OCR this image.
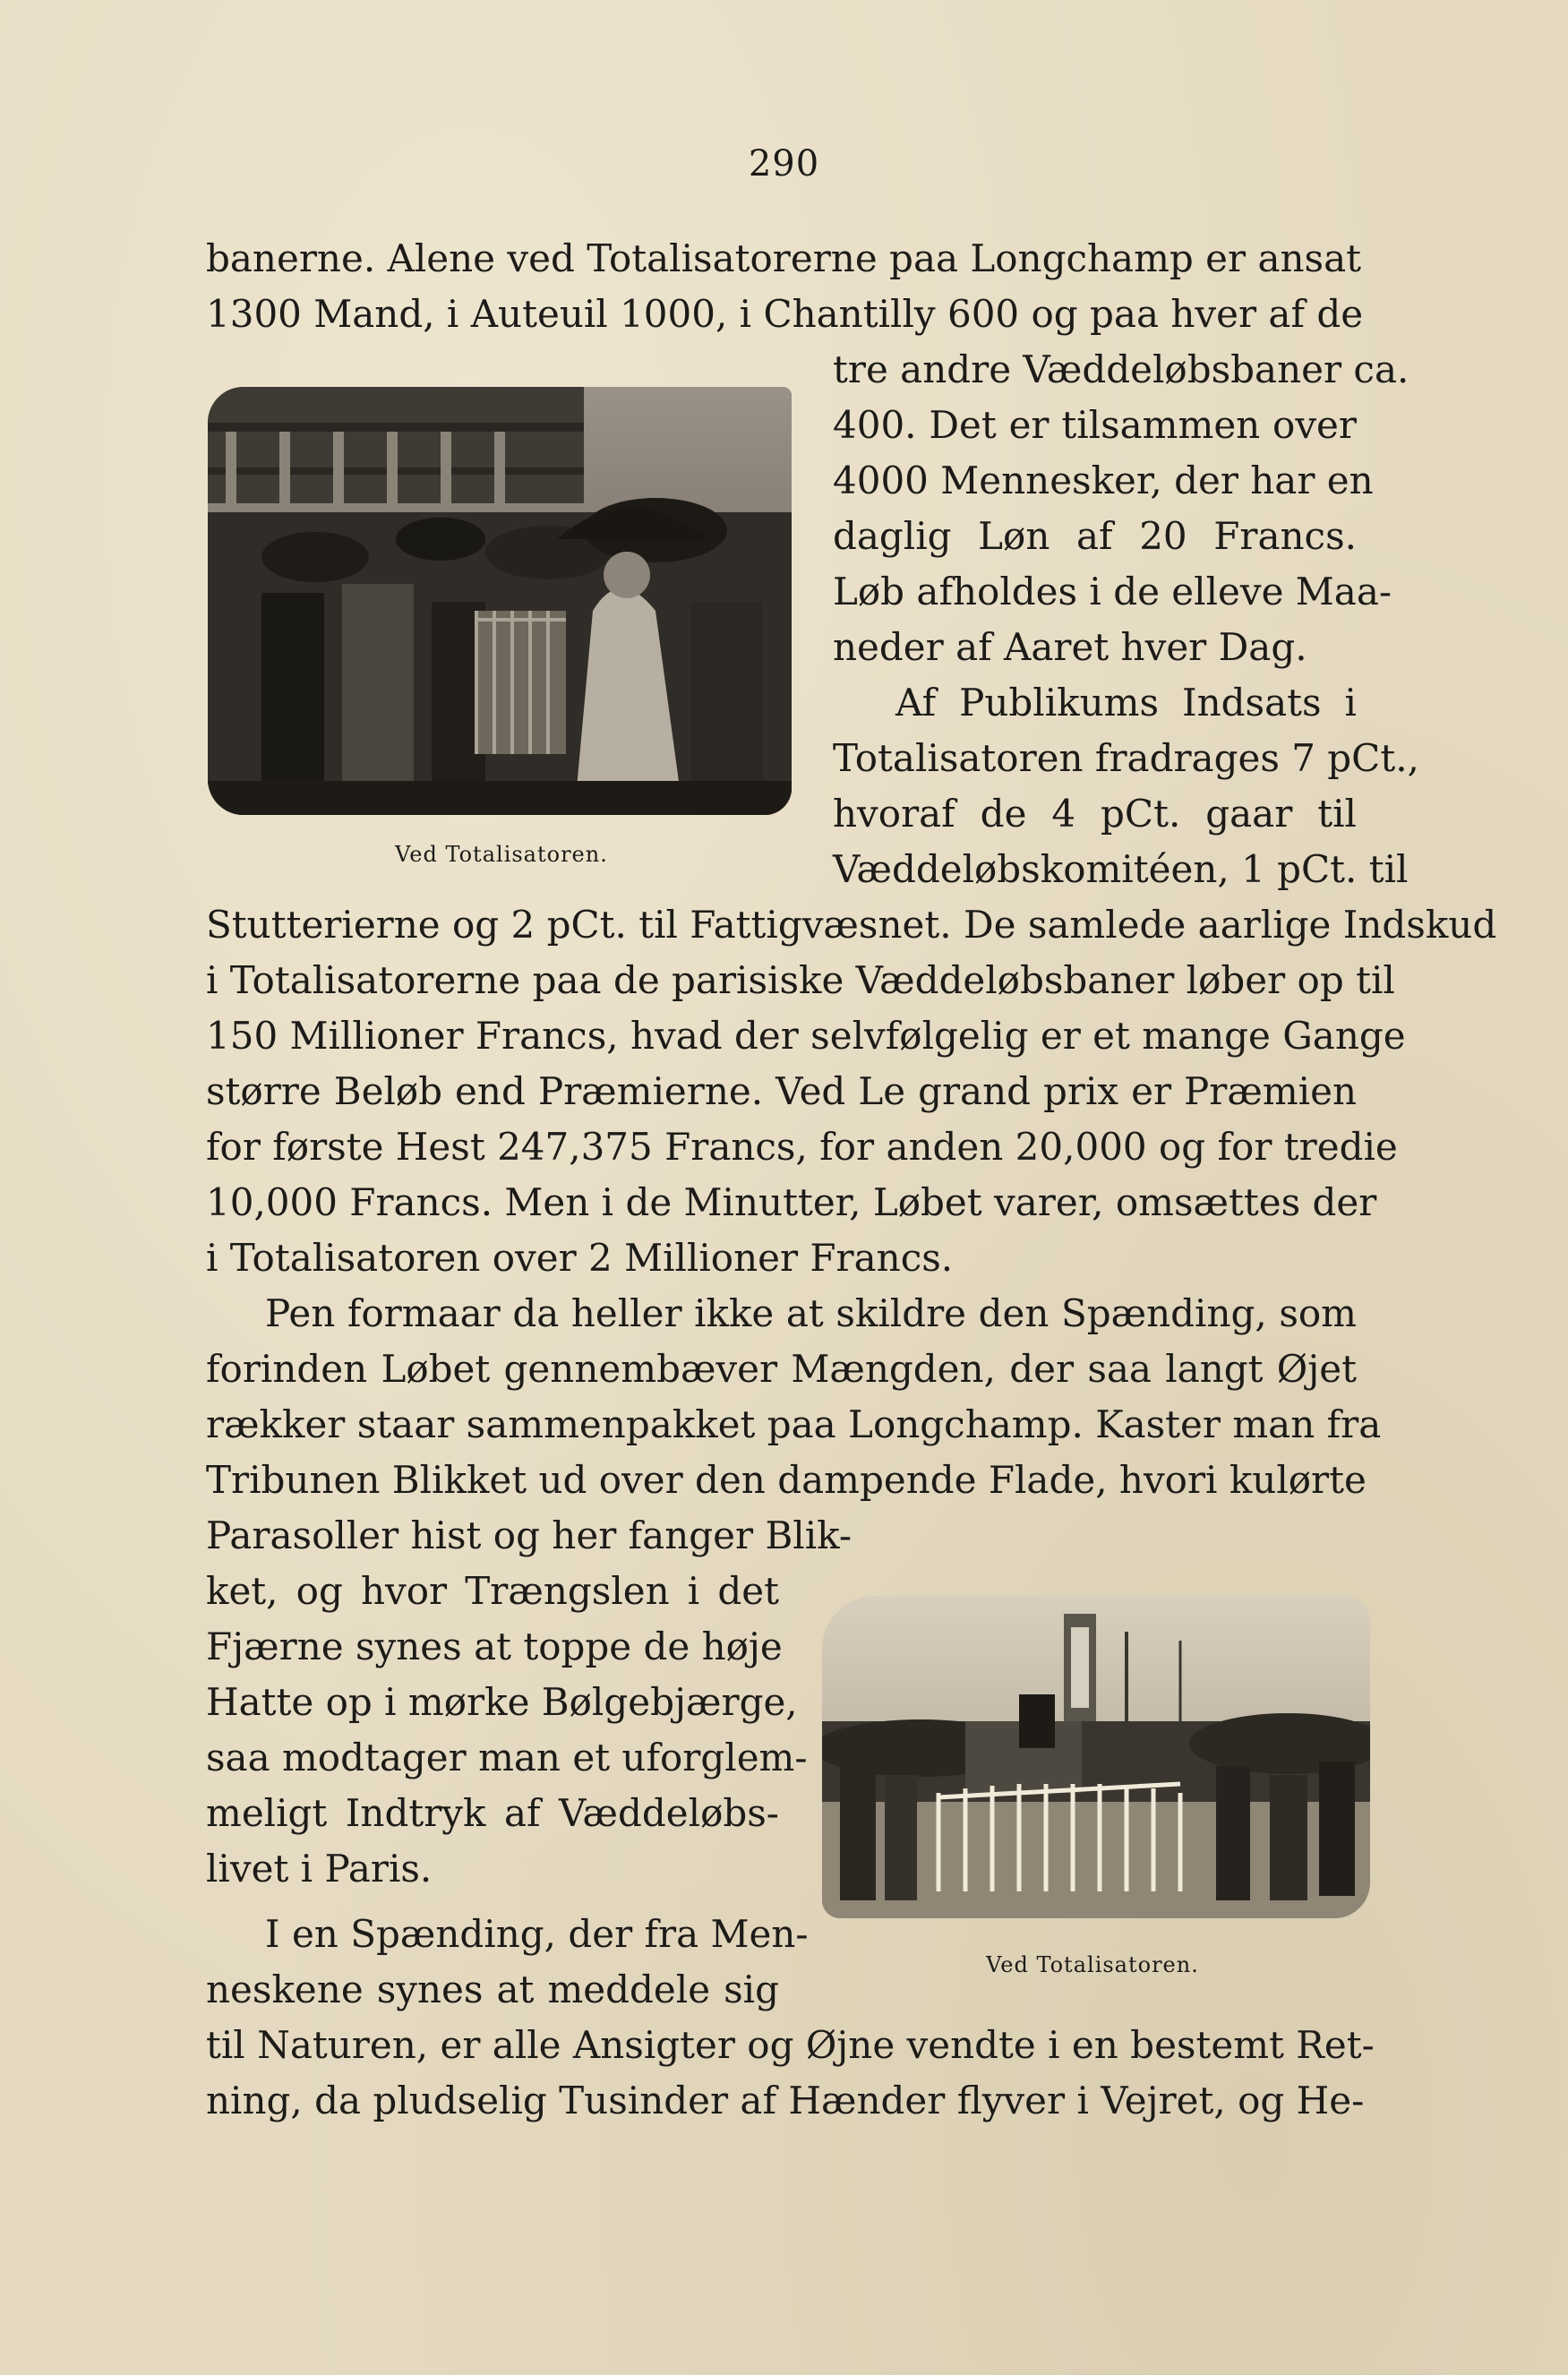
290
banerne. Alene ved Totalisatorerne paa Longchamp er ansat
1300 Mand, i Auteuil 1000, i Chantilly 600 og paa hver af de
tre andre Væddeløbsbaner ca.
400. Det er tilsammen over
4000 Mennesker, der har en
daglig Løn af 20 Francs.
Løb afholdes i de elleve Maa-
neder af Aaret hver Dag.
Af Publikums Indsats i
Totalisatoren fradrages 7 pCt.,
hvoraf de 4 pCt. gaar til
Væddeløbskomitéen, 1 pCt. til
Ved Totalisatoren.
Stutterierne og 2 pCt. til Fattigvæsnet. De samlede aarlige Indskud
i Totalisatorerne paa de parisiske Væddeløbsbaner løber op til
150 Millioner Francs, hvad der selvfølgelig er et mange Gange
større Beløb end Præmierne. Ved Le grand prix er Præmien
for første Hest 247,375 Francs, for anden 20,000 og for tredie
10,000 Francs. Men i de Minutter, Løbet varer, omsættes der
i Totalisatoren over 2 Millioner Francs.
Pen formaar da heller ikke at skildre den Spænding, som
forinden Løbet gennembæver Mængden, der saa langt Øjet
rækker staar sammenpakket paa Longchamp. Kaster man fra
Tribunen Blikket ud over den dampende Flade, hvori kulørte
Parasoller hist og her fanger Blik-
ket, og hvor Trængslen i det
Fjærne synes at toppe de høje
Hatte op i mørke Bølgebjærge,
saa modtager man et uforglem-
meligt Indtryk af Væddeløbs-
livet i Paris.
I en Spænding, der fra Men-
neskene synes at meddele sig
Ved Totalisatoren.
til Naturen, er alle Ansigter og Øjne vendte i en bestemt Ret-
ning, da pludselig Tusinder af Hænder flyver i Vejret, og He-
